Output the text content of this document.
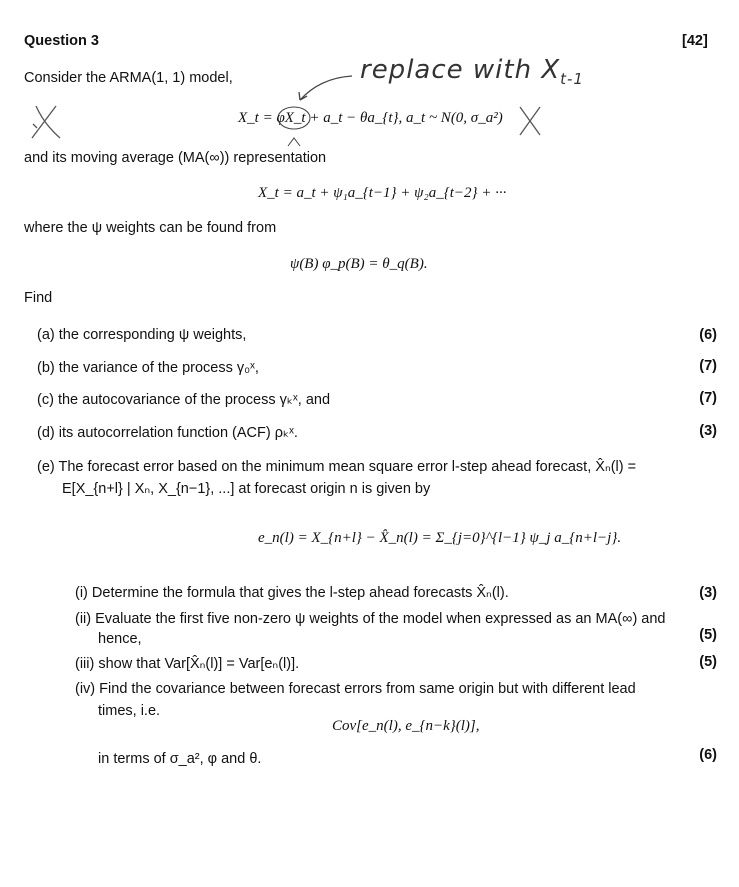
Question 3	[42]
Consider the ARMA(1, 1) model,	replace with $X_{t-1}$
X_t = φX_t + a_t − θa_{t}, a_t ~ N(0, σ_a²)
and its moving average (MA(∞)) representation
X_t = a_t + ψ₁a_{t−1} + ψ₂a_{t−2} + ···
where the ψ weights can be found from
ψ(B) φ_p(B) = θ_q(B).
Find
(a) the corresponding ψ weights,	(6)
(b) the variance of the process γ₀ˣ,	(7)
(c) the autocovariance of the process γₖˣ, and	(7)
(d) its autocorrelation function (ACF) ρₖˣ.	(3)
(e) The forecast error based on the minimum mean square error l-step ahead forecast, X̂ₙ(l) =
E[X_{n+l} | Xₙ, X_{n−1}, ...] at forecast origin n is given by
e_n(l) = X_{n+l} − X̂_n(l) = Σ_{j=0}^{l−1} ψ_j a_{n+l−j}.
(i) Determine the formula that gives the l-step ahead forecasts X̂ₙ(l).	(3)
(ii) Evaluate the first five non-zero ψ weights of the model when expressed as an MA(∞) and
hence,	(5)
(iii) show that Var[X̂ₙ(l)] = Var[eₙ(l)].	(5)
(iv) Find the covariance between forecast errors from same origin but with different lead
times, i.e.
Cov[e_n(l), e_{n−k}(l)],
in terms of σ_a², φ and θ.	(6)
